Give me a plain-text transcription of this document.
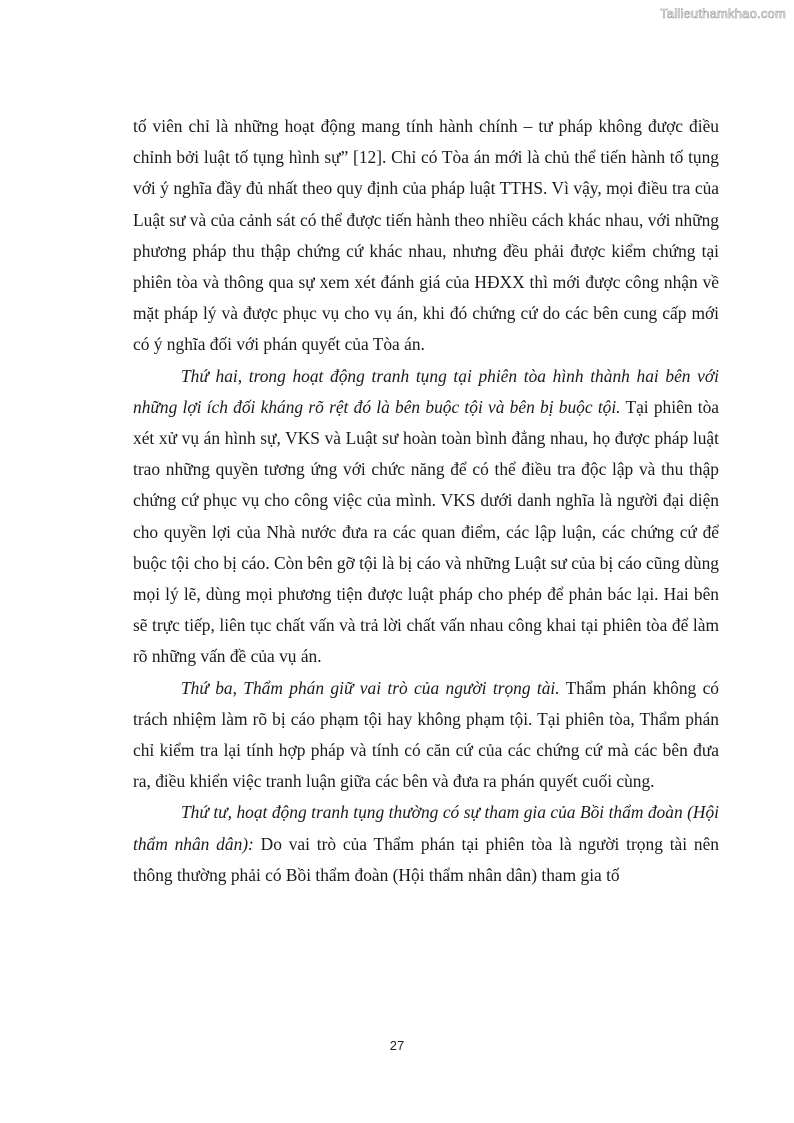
Tailieuthamkhao.com

tố viên chỉ là những hoạt động mang tính hành chính – tư pháp không được điều chỉnh bởi luật tố tụng hình sự” [12]. Chỉ có Tòa án mới là chủ thể tiến hành tố tụng với ý nghĩa đầy đủ nhất theo quy định của pháp luật TTHS. Vì vậy, mọi điều tra của Luật sư và của cảnh sát có thể được tiến hành theo nhiều cách khác nhau, với những phương pháp thu thập chứng cứ khác nhau, nhưng đều phải được kiểm chứng tại phiên tòa và thông qua sự xem xét đánh giá của HĐXX thì mới được công nhận về mặt pháp lý và được phục vụ cho vụ án, khi đó chứng cứ do các bên cung cấp mới có ý nghĩa đối với phán quyết của Tòa án.

Thứ hai, trong hoạt động tranh tụng tại phiên tòa hình thành hai bên với những lợi ích đối kháng rõ rệt đó là bên buộc tội và bên bị buộc tội. Tại phiên tòa xét xử vụ án hình sự, VKS và Luật sư hoàn toàn bình đẳng nhau, họ được pháp luật trao những quyền tương ứng với chức năng để có thể điều tra độc lập và thu thập chứng cứ phục vụ cho công việc của mình. VKS dưới danh nghĩa là người đại diện cho quyền lợi của Nhà nước đưa ra các quan điểm, các lập luận, các chứng cứ để buộc tội cho bị cáo. Còn bên gỡ tội là bị cáo và những Luật sư của bị cáo cũng dùng mọi lý lẽ, dùng mọi phương tiện được luật pháp cho phép để phản bác lại. Hai bên sẽ trực tiếp, liên tục chất vấn và trả lời chất vấn nhau công khai tại phiên tòa để làm rõ những vấn đề của vụ án.

Thứ ba, Thẩm phán giữ vai trò của người trọng tài. Thẩm phán không có trách nhiệm làm rõ bị cáo phạm tội hay không phạm tội. Tại phiên tòa, Thẩm phán chỉ kiểm tra lại tính hợp pháp và tính có căn cứ của các chứng cứ mà các bên đưa ra, điều khiển việc tranh luận giữa các bên và đưa ra phán quyết cuối cùng.

Thứ tư, hoạt động tranh tụng thường có sự tham gia của Bồi thẩm đoàn (Hội thẩm nhân dân): Do vai trò của Thẩm phán tại phiên tòa là người trọng tài nên thông thường phải có Bồi thẩm đoàn (Hội thẩm nhân dân) tham gia tố

27
